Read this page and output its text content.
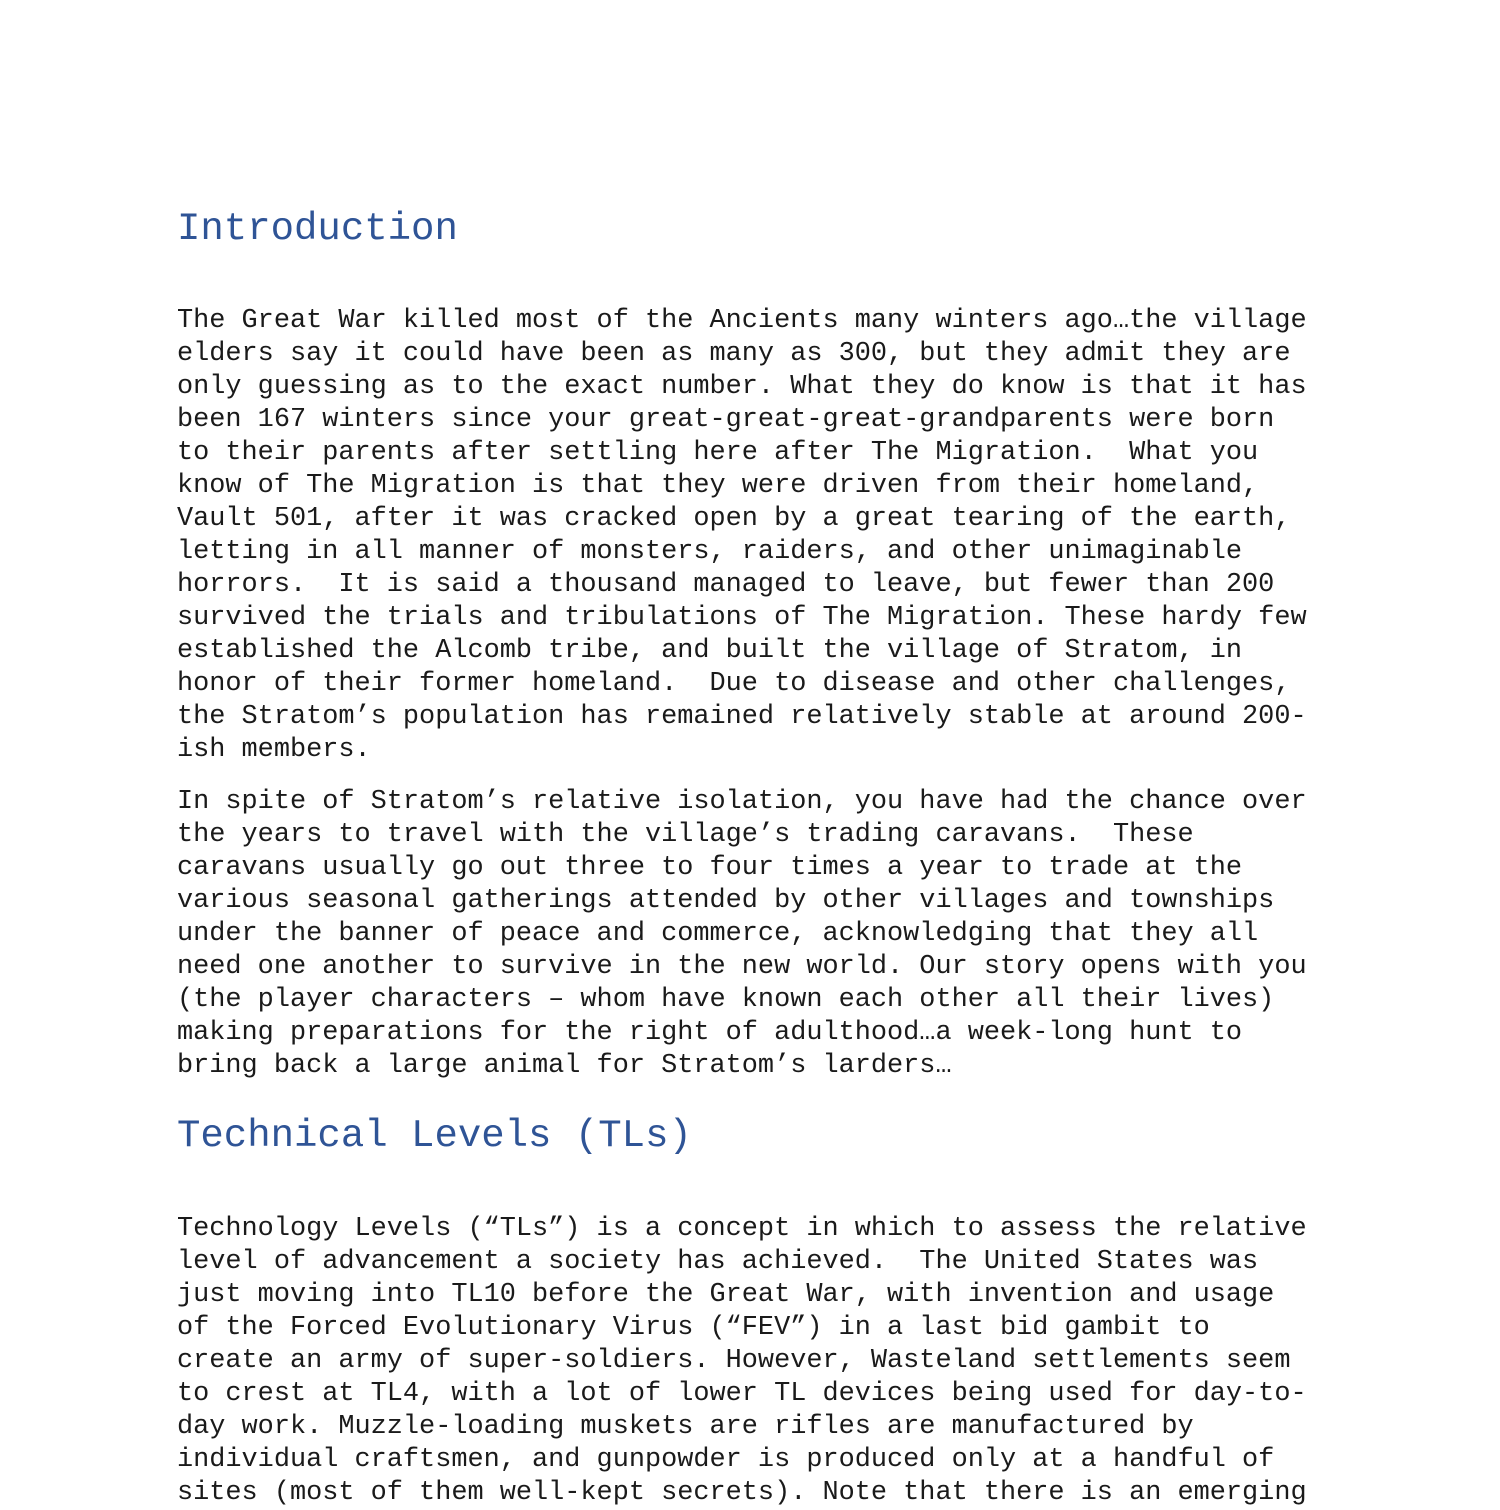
Introduction
The Great War killed most of the Ancients many winters ago…the village
elders say it could have been as many as 300, but they admit they are
only guessing as to the exact number. What they do know is that it has
been 167 winters since your great-great-great-grandparents were born
to their parents after settling here after The Migration.  What you
know of The Migration is that they were driven from their homeland,
Vault 501, after it was cracked open by a great tearing of the earth,
letting in all manner of monsters, raiders, and other unimaginable
horrors.  It is said a thousand managed to leave, but fewer than 200
survived the trials and tribulations of The Migration. These hardy few
established the Alcomb tribe, and built the village of Stratom, in
honor of their former homeland.  Due to disease and other challenges,
the Stratom’s population has remained relatively stable at around 200-
ish members.
In spite of Stratom’s relative isolation, you have had the chance over
the years to travel with the village’s trading caravans.  These
caravans usually go out three to four times a year to trade at the
various seasonal gatherings attended by other villages and townships
under the banner of peace and commerce, acknowledging that they all
need one another to survive in the new world. Our story opens with you
(the player characters – whom have known each other all their lives)
making preparations for the right of adulthood…a week-long hunt to
bring back a large animal for Stratom’s larders…
Technical Levels (TLs)
Technology Levels (“TLs”) is a concept in which to assess the relative
level of advancement a society has achieved.  The United States was
just moving into TL10 before the Great War, with invention and usage
of the Forced Evolutionary Virus (“FEV”) in a last bid gambit to
create an army of super-soldiers. However, Wasteland settlements seem
to crest at TL4, with a lot of lower TL devices being used for day-to-
day work. Muzzle-loading muskets are rifles are manufactured by
individual craftsmen, and gunpowder is produced only at a handful of
sites (most of them well-kept secrets). Note that there is an emerging
